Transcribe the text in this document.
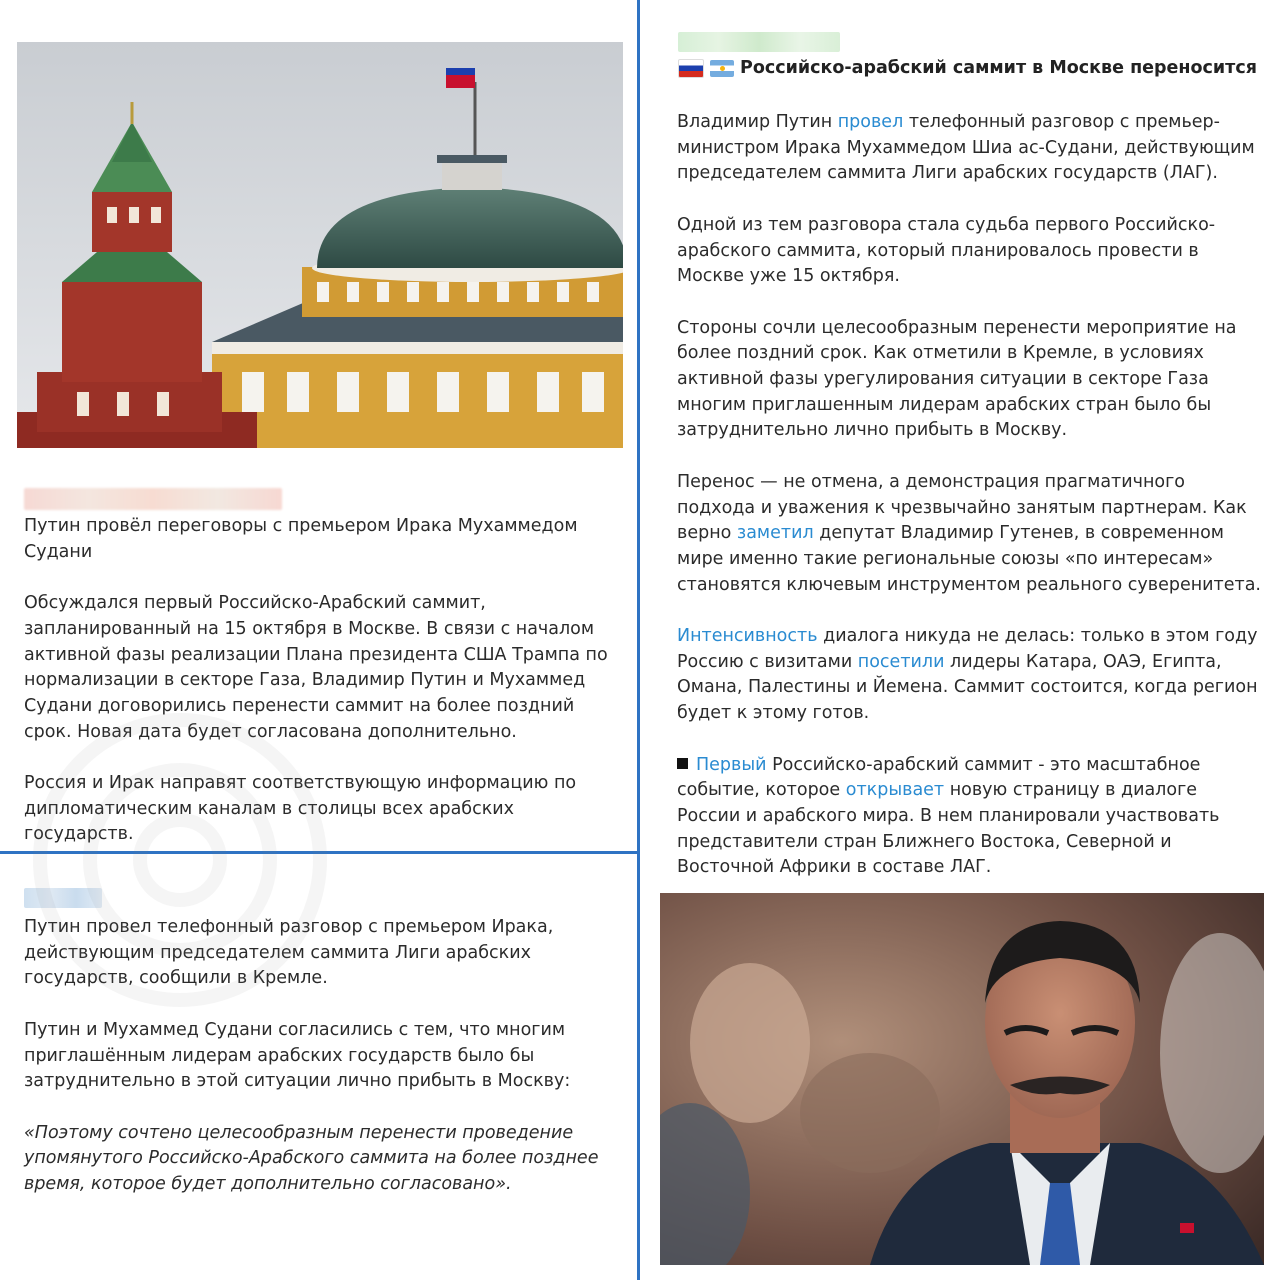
Путин провёл переговоры с премьером Ирака Мухаммедом Судани

Обсуждался первый Российско-Арабский саммит, запланированный на 15 октября в Москве. В связи с началом активной фазы реализации Плана президента США Трампа по нормализации в секторе Газа, Владимир Путин и Мухаммед Судани договорились перенести саммит на более поздний срок. Новая дата будет согласована дополнительно.

Россия и Ирак направят соответствующую информацию по дипломатическим каналам в столицы всех арабских государств.

Путин провел телефонный разговор с премьером Ирака, действующим председателем саммита Лиги арабских государств, сообщили в Кремле.

Путин и Мухаммед Судани согласились с тем, что многим приглашённым лидерам арабских государств было бы затруднительно в этой ситуации лично прибыть в Москву:

«Поэтому сочтено целесообразным перенести проведение упомянутого Российско-Арабского саммита на более позднее время, которое будет дополнительно согласовано».

Российско-арабский саммит в Москве переносится

Владимир Путин провел телефонный разговор с премьер-министром Ирака Мухаммедом Шиа ас-Судани, действующим председателем саммита Лиги арабских государств (ЛАГ).

Одной из тем разговора стала судьба первого Российско-арабского саммита, который планировалось провести в Москве уже 15 октября.

Стороны сочли целесообразным перенести мероприятие на более поздний срок. Как отметили в Кремле, в условиях активной фазы урегулирования ситуации в секторе Газа многим приглашенным лидерам арабских стран было бы затруднительно лично прибыть в Москву.

Перенос — не отмена, а демонстрация прагматичного подхода и уважения к чрезвычайно занятым партнерам. Как верно заметил депутат Владимир Гутенев, в современном мире именно такие региональные союзы «по интересам» становятся ключевым инструментом реального суверенитета.

Интенсивность диалога никуда не делась: только в этом году Россию с визитами посетили лидеры Катара, ОАЭ, Египта, Омана, Палестины и Йемена. Саммит состоится, когда регион будет к этому готов.

Первый Российско-арабский саммит - это масштабное событие, которое открывает новую страницу в диалоге России и арабского мира. В нем планировали участвовать представители стран Ближнего Востока, Северной и Восточной Африки в составе ЛАГ.
